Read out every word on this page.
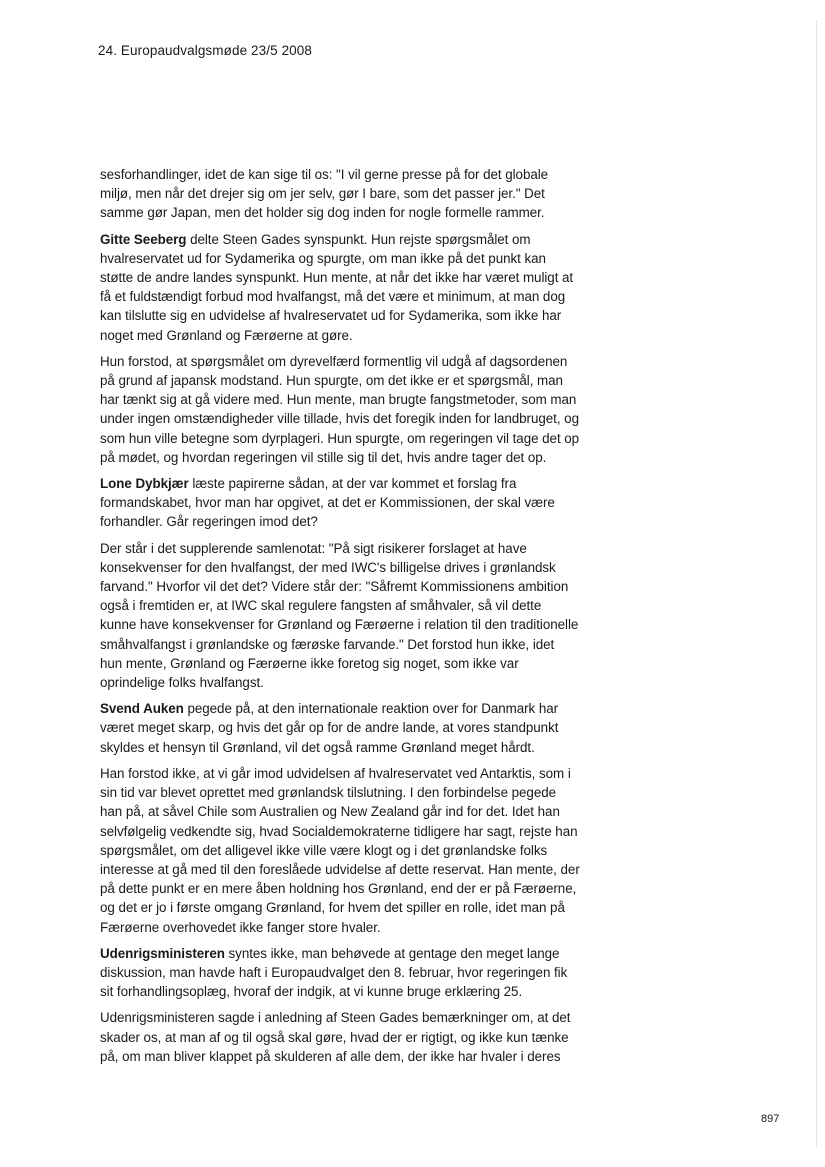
24. Europaudvalgsmøde 23/5 2008

sesforhandlinger, idet de kan sige til os: "I vil gerne presse på for det globale miljø, men når det drejer sig om jer selv, gør I bare, som det passer jer." Det samme gør Japan, men det holder sig dog inden for nogle formelle rammer.

Gitte Seeberg delte Steen Gades synspunkt. Hun rejste spørgsmålet om hvalreservatet ud for Sydamerika og spurgte, om man ikke på det punkt kan støtte de andre landes synspunkt. Hun mente, at når det ikke har været muligt at få et fuldstændigt forbud mod hvalfangst, må det være et minimum, at man dog kan tilslutte sig en udvidelse af hvalreservatet ud for Sydamerika, som ikke har noget med Grønland og Færøerne at gøre.

Hun forstod, at spørgsmålet om dyrevelfærd formentlig vil udgå af dagsordenen på grund af japansk modstand. Hun spurgte, om det ikke er et spørgsmål, man har tænkt sig at gå videre med. Hun mente, man brugte fangstmetoder, som man under ingen omstændigheder ville tillade, hvis det foregik inden for landbruget, og som hun ville betegne som dyrplageri. Hun spurgte, om regeringen vil tage det op på mødet, og hvordan regeringen vil stille sig til det, hvis andre tager det op.

Lone Dybkjær læste papirerne sådan, at der var kommet et forslag fra formandskabet, hvor man har opgivet, at det er Kommissionen, der skal være forhandler. Går regeringen imod det?

Der står i det supplerende samlenotat: "På sigt risikerer forslaget at have konsekvenser for den hvalfangst, der med IWC's billigelse drives i grønlandsk farvand." Hvorfor vil det det? Videre står der: "Såfremt Kommissionens ambition også i fremtiden er, at IWC skal regulere fangsten af småhvaler, så vil dette kunne have konsekvenser for Grønland og Færøerne i relation til den traditionelle småhvalfangst i grønlandske og færøske farvande." Det forstod hun ikke, idet hun mente, Grønland og Færøerne ikke foretog sig noget, som ikke var oprindelige folks hvalfangst.

Svend Auken pegede på, at den internationale reaktion over for Danmark har været meget skarp, og hvis det går op for de andre lande, at vores standpunkt skyldes et hensyn til Grønland, vil det også ramme Grønland meget hårdt.

Han forstod ikke, at vi går imod udvidelsen af hvalreservatet ved Antarktis, som i sin tid var blevet oprettet med grønlandsk tilslutning. I den forbindelse pegede han på, at såvel Chile som Australien og New Zealand går ind for det. Idet han selvfølgelig vedkendte sig, hvad Socialdemokraterne tidligere har sagt, rejste han spørgsmålet, om det alligevel ikke ville være klogt og i det grønlandske folks interesse at gå med til den foreslåede udvidelse af dette reservat. Han mente, der på dette punkt er en mere åben holdning hos Grønland, end der er på Færøerne, og det er jo i første omgang Grønland, for hvem det spiller en rolle, idet man på Færøerne overhovedet ikke fanger store hvaler.

Udenrigsministeren syntes ikke, man behøvede at gentage den meget lange diskussion, man havde haft i Europaudvalget den 8. februar, hvor regeringen fik sit forhandlingsoplæg, hvoraf der indgik, at vi kunne bruge erklæring 25.

Udenrigsministeren sagde i anledning af Steen Gades bemærkninger om, at det skader os, at man af og til også skal gøre, hvad der er rigtigt, og ikke kun tænke på, om man bliver klappet på skulderen af alle dem, der ikke har hvaler i deres

897
